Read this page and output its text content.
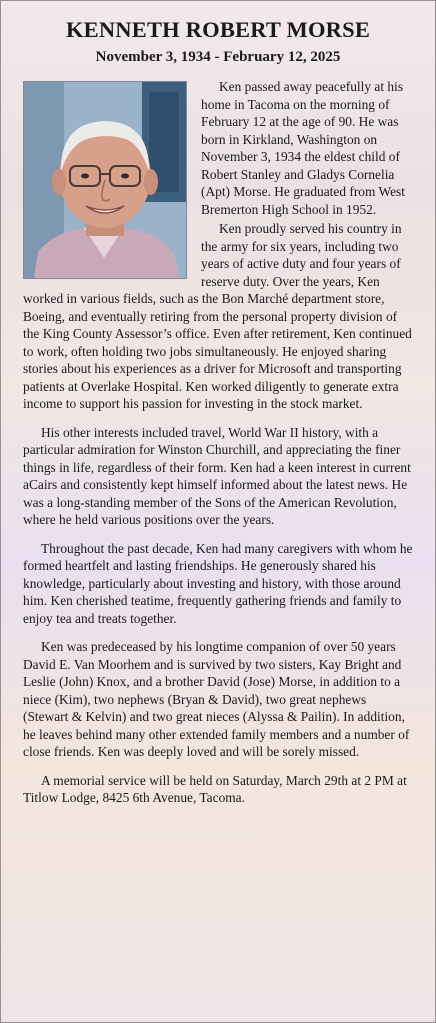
KENNETH ROBERT MORSE
November 3, 1934 - February 12, 2025

Ken passed away peacefully at his home in Tacoma on the morning of February 12 at the age of 90. He was born in Kirkland, Washington on November 3, 1934 the eldest child of Robert Stanley and Gladys Cornelia (Apt) Morse. He graduated from West Bremerton High School in 1952.

Ken proudly served his country in the army for six years, including two years of active duty and four years of reserve duty. Over the years, Ken worked in various fields, such as the Bon Marché department store, Boeing, and eventually retiring from the personal property division of the King County Assessor’s office. Even after retirement, Ken continued to work, often holding two jobs simultaneously. He enjoyed sharing stories about his experiences as a driver for Microsoft and transporting patients at Overlake Hospital. Ken worked diligently to generate extra income to support his passion for investing in the stock market.

His other interests included travel, World War II history, with a particular admiration for Winston Churchill, and appreciating the finer things in life, regardless of their form. Ken had a keen interest in current aCairs and consistently kept himself informed about the latest news. He was a long-standing member of the Sons of the American Revolution, where he held various positions over the years.

Throughout the past decade, Ken had many caregivers with whom he formed heartfelt and lasting friendships. He generously shared his knowledge, particularly about investing and history, with those around him. Ken cherished teatime, frequently gathering friends and family to enjoy tea and treats together.

Ken was predeceased by his longtime companion of over 50 years David E. Van Moorhem and is survived by two sisters, Kay Bright and Leslie (John) Knox, and a brother David (Jose) Morse, in addition to a niece (Kim), two nephews (Bryan & David), two great nephews (Stewart & Kelvin) and two great nieces (Alyssa & Pailin). In addition, he leaves behind many other extended family members and a number of close friends. Ken was deeply loved and will be sorely missed.

A memorial service will be held on Saturday, March 29th at 2 PM at Titlow Lodge, 8425 6th Avenue, Tacoma.
